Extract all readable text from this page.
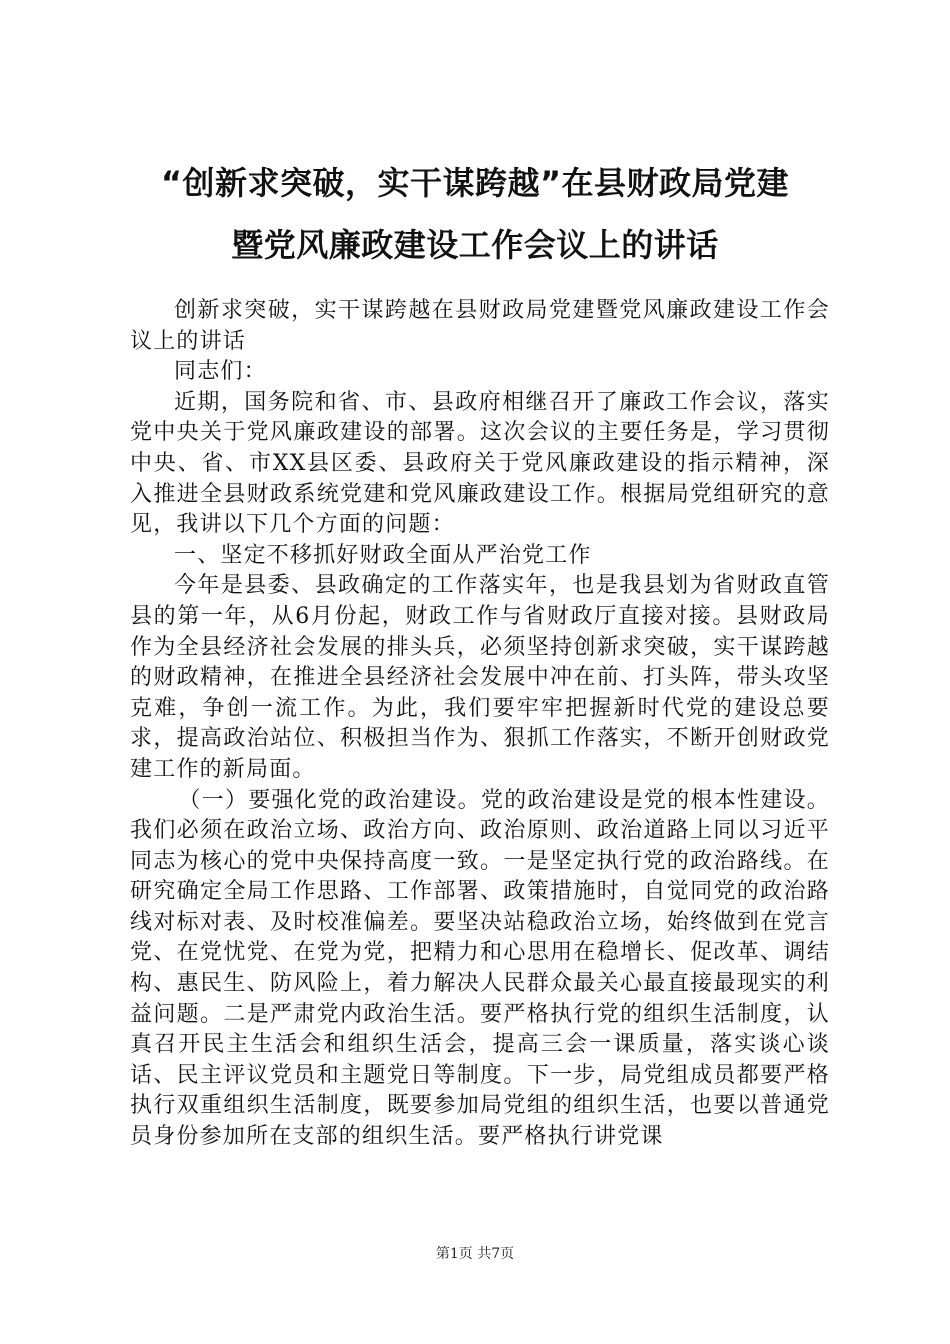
“创新求突破，实干谋跨越”在县财政局党建
暨党风廉政建设工作会议上的讲话

创新求突破，实干谋跨越在县财政局党建暨党风廉政建设工作会议上的讲话

同志们：

近期，国务院和省、市、县政府相继召开了廉政工作会议，落实党中央关于党风廉政建设的部署。这次会议的主要任务是，学习贯彻中央、省、市XX县区委、县政府关于党风廉政建设的指示精神，深入推进全县财政系统党建和党风廉政建设工作。根据局党组研究的意见，我讲以下几个方面的问题：

一、坚定不移抓好财政全面从严治党工作

今年是县委、县政确定的工作落实年，也是我县划为省财政直管县的第一年，从6月份起，财政工作与省财政厅直接对接。县财政局作为全县经济社会发展的排头兵，必须坚持创新求突破，实干谋跨越的财政精神，在推进全县经济社会发展中冲在前、打头阵，带头攻坚克难，争创一流工作。为此，我们要牢牢把握新时代党的建设总要求，提高政治站位、积极担当作为、狠抓工作落实，不断开创财政党建工作的新局面。

（一）要强化党的政治建设。党的政治建设是党的根本性建设。我们必须在政治立场、政治方向、政治原则、政治道路上同以习近平同志为核心的党中央保持高度一致。一是坚定执行党的政治路线。在研究确定全局工作思路、工作部署、政策措施时，自觉同党的政治路线对标对表、及时校准偏差。要坚决站稳政治立场，始终做到在党言党、在党忧党、在党为党，把精力和心思用在稳增长、促改革、调结构、惠民生、防风险上，着力解决人民群众最关心最直接最现实的利益问题。二是严肃党内政治生活。要严格执行党的组织生活制度，认真召开民主生活会和组织生活会，提高三会一课质量，落实谈心谈话、民主评议党员和主题党日等制度。下一步，局党组成员都要严格执行双重组织生活制度，既要参加局党组的组织生活，也要以普通党员身份参加所在支部的组织生活。要严格执行讲党课

第1页 共7页
